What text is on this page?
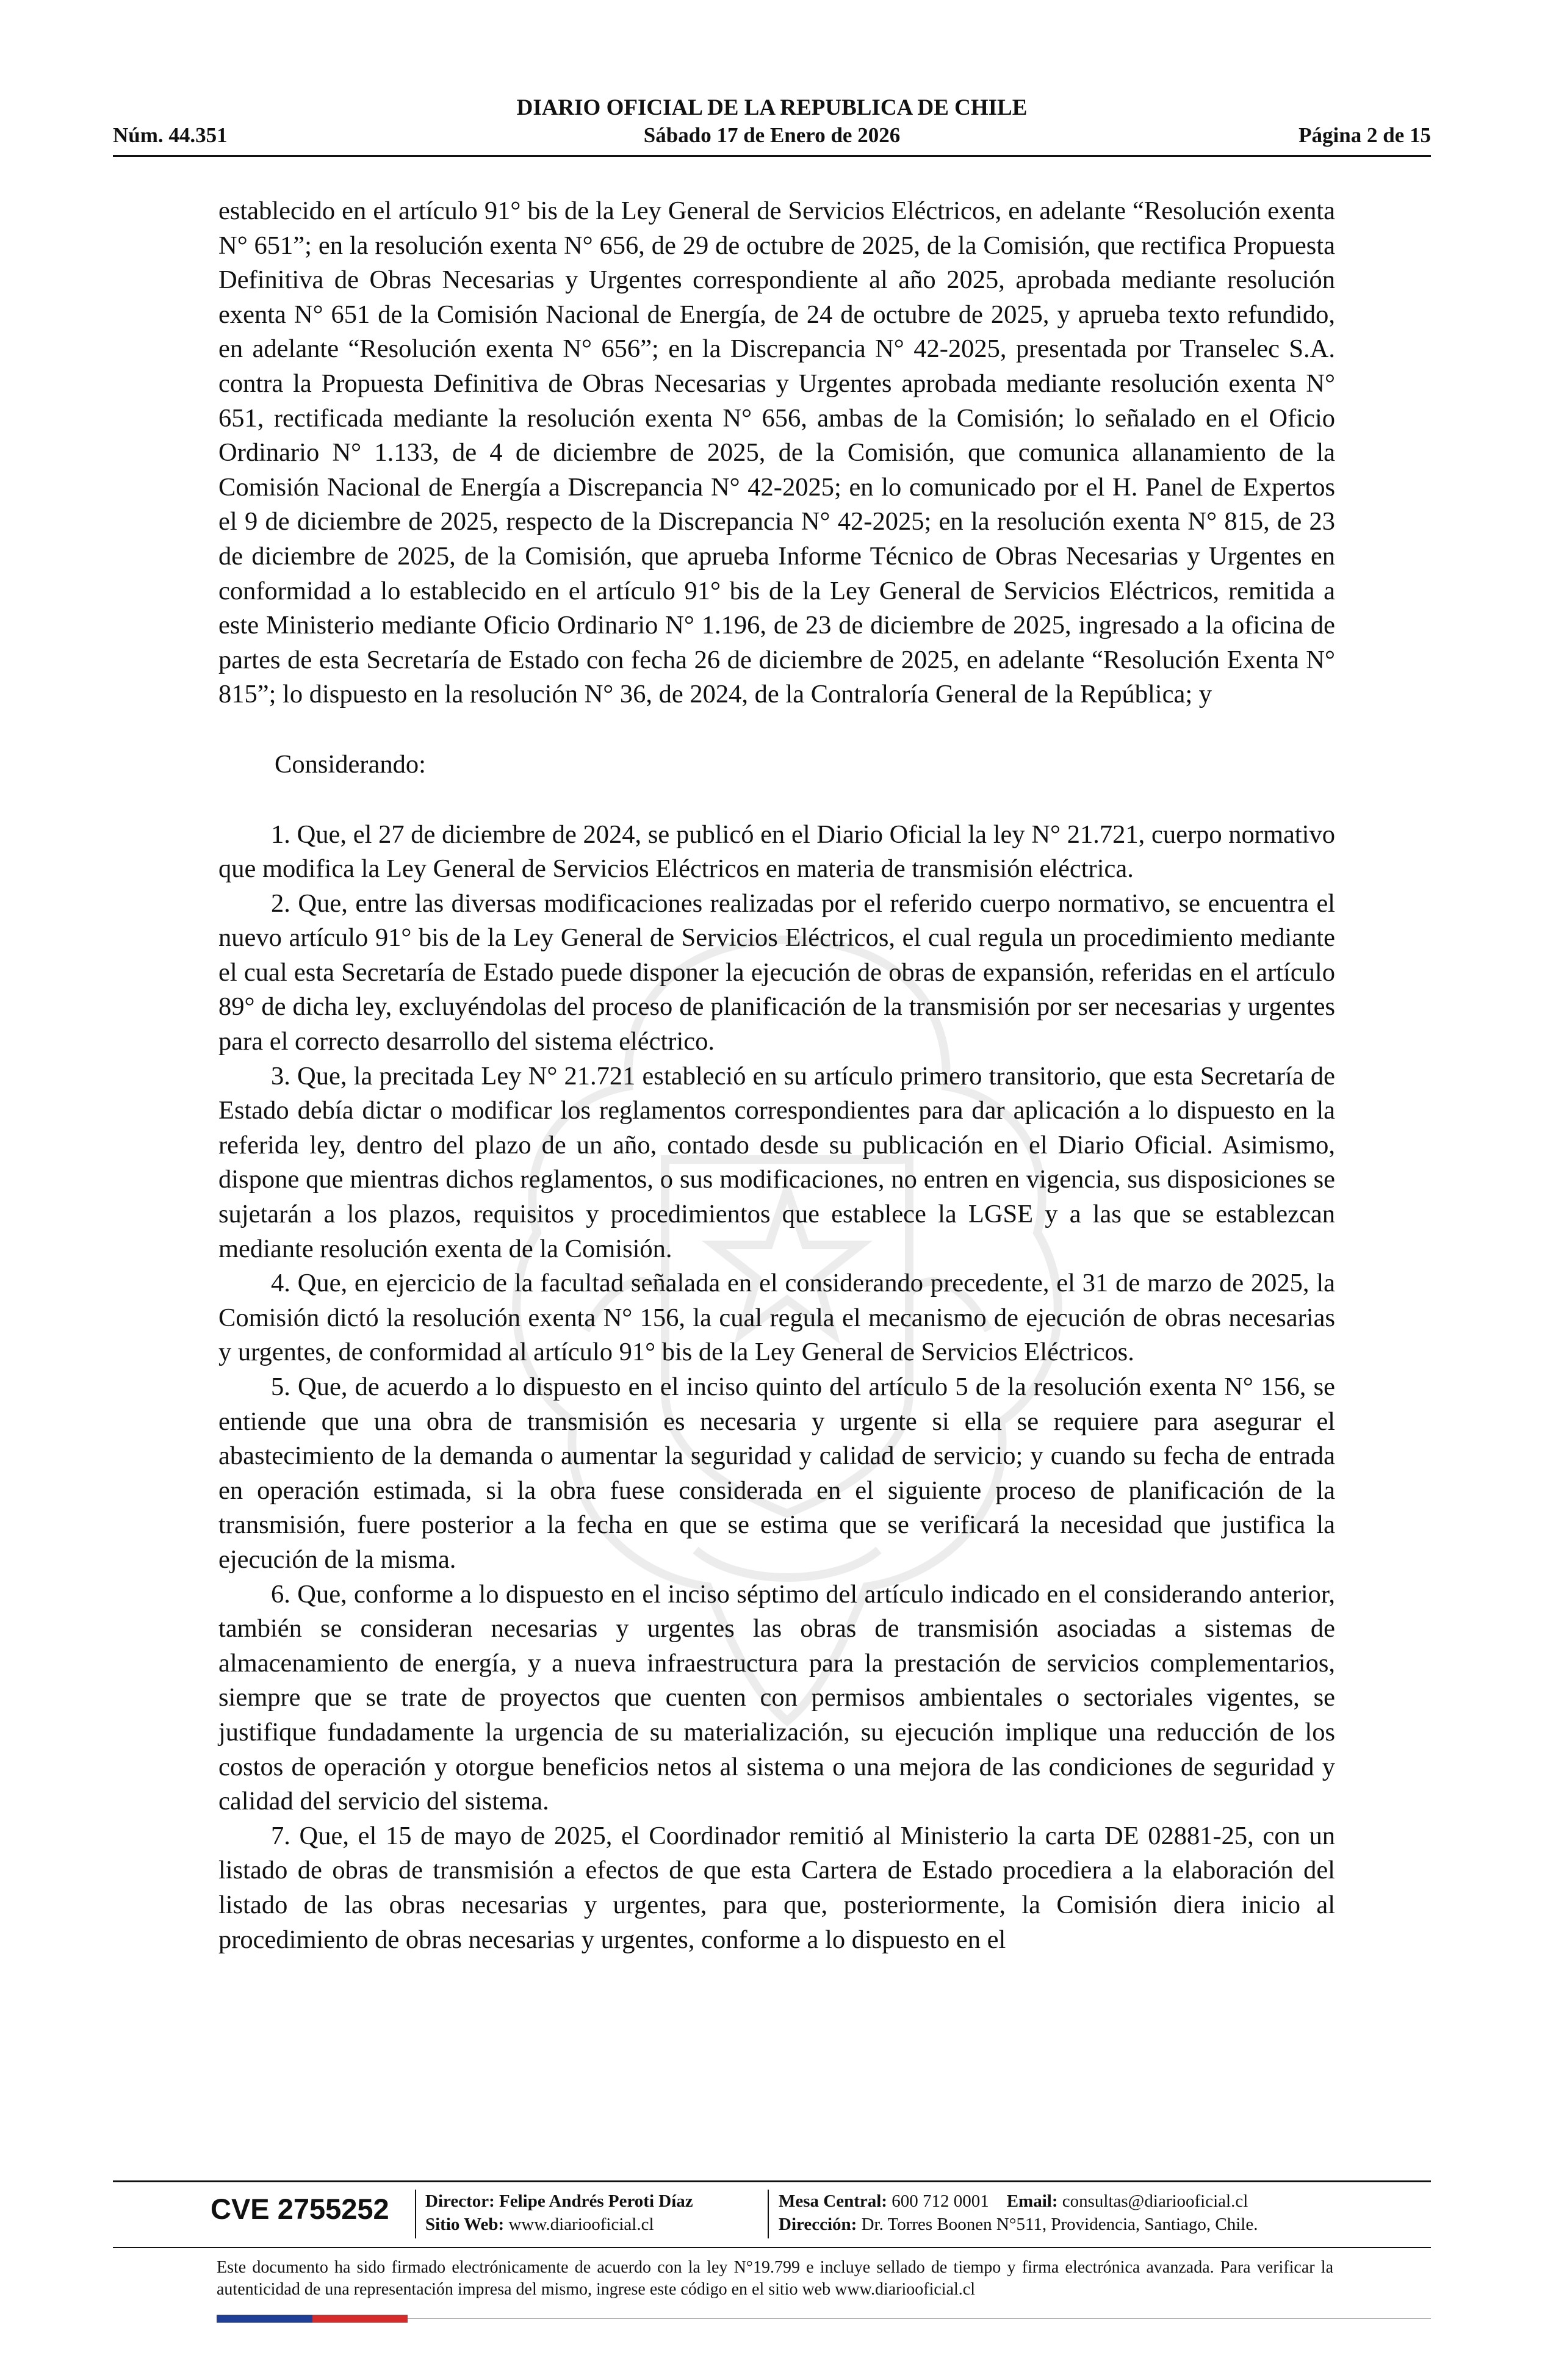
DIARIO OFICIAL DE LA REPUBLICA DE CHILE
Núm. 44.351	Sábado 17 de Enero de 2026	Página 2 de 15

establecido en el artículo 91° bis de la Ley General de Servicios Eléctricos, en adelante “Resolución exenta N° 651”; en la resolución exenta N° 656, de 29 de octubre de 2025, de la Comisión, que rectifica Propuesta Definitiva de Obras Necesarias y Urgentes correspondiente al año 2025, aprobada mediante resolución exenta N° 651 de la Comisión Nacional de Energía, de 24 de octubre de 2025, y aprueba texto refundido, en adelante “Resolución exenta N° 656”; en la Discrepancia N° 42-2025, presentada por Transelec S.A. contra la Propuesta Definitiva de Obras Necesarias y Urgentes aprobada mediante resolución exenta N° 651, rectificada mediante la resolución exenta N° 656, ambas de la Comisión; lo señalado en el Oficio Ordinario N° 1.133, de 4 de diciembre de 2025, de la Comisión, que comunica allanamiento de la Comisión Nacional de Energía a Discrepancia N° 42-2025; en lo comunicado por el H. Panel de Expertos el 9 de diciembre de 2025, respecto de la Discrepancia N° 42-2025; en la resolución exenta N° 815, de 23 de diciembre de 2025, de la Comisión, que aprueba Informe Técnico de Obras Necesarias y Urgentes en conformidad a lo establecido en el artículo 91° bis de la Ley General de Servicios Eléctricos, remitida a este Ministerio mediante Oficio Ordinario N° 1.196, de 23 de diciembre de 2025, ingresado a la oficina de partes de esta Secretaría de Estado con fecha 26 de diciembre de 2025, en adelante “Resolución Exenta N° 815”; lo dispuesto en la resolución N° 36, de 2024, de la Contraloría General de la República; y

Considerando:

1. Que, el 27 de diciembre de 2024, se publicó en el Diario Oficial la ley N° 21.721, cuerpo normativo que modifica la Ley General de Servicios Eléctricos en materia de transmisión eléctrica.

2. Que, entre las diversas modificaciones realizadas por el referido cuerpo normativo, se encuentra el nuevo artículo 91° bis de la Ley General de Servicios Eléctricos, el cual regula un procedimiento mediante el cual esta Secretaría de Estado puede disponer la ejecución de obras de expansión, referidas en el artículo 89° de dicha ley, excluyéndolas del proceso de planificación de la transmisión por ser necesarias y urgentes para el correcto desarrollo del sistema eléctrico.

3. Que, la precitada Ley N° 21.721 estableció en su artículo primero transitorio, que esta Secretaría de Estado debía dictar o modificar los reglamentos correspondientes para dar aplicación a lo dispuesto en la referida ley, dentro del plazo de un año, contado desde su publicación en el Diario Oficial. Asimismo, dispone que mientras dichos reglamentos, o sus modificaciones, no entren en vigencia, sus disposiciones se sujetarán a los plazos, requisitos y procedimientos que establece la LGSE y a las que se establezcan mediante resolución exenta de la Comisión.

4. Que, en ejercicio de la facultad señalada en el considerando precedente, el 31 de marzo de 2025, la Comisión dictó la resolución exenta N° 156, la cual regula el mecanismo de ejecución de obras necesarias y urgentes, de conformidad al artículo 91° bis de la Ley General de Servicios Eléctricos.

5. Que, de acuerdo a lo dispuesto en el inciso quinto del artículo 5 de la resolución exenta N° 156, se entiende que una obra de transmisión es necesaria y urgente si ella se requiere para asegurar el abastecimiento de la demanda o aumentar la seguridad y calidad de servicio; y cuando su fecha de entrada en operación estimada, si la obra fuese considerada en el siguiente proceso de planificación de la transmisión, fuere posterior a la fecha en que se estima que se verificará la necesidad que justifica la ejecución de la misma.

6. Que, conforme a lo dispuesto en el inciso séptimo del artículo indicado en el considerando anterior, también se consideran necesarias y urgentes las obras de transmisión asociadas a sistemas de almacenamiento de energía, y a nueva infraestructura para la prestación de servicios complementarios, siempre que se trate de proyectos que cuenten con permisos ambientales o sectoriales vigentes, se justifique fundadamente la urgencia de su materialización, su ejecución implique una reducción de los costos de operación y otorgue beneficios netos al sistema o una mejora de las condiciones de seguridad y calidad del servicio del sistema.

7. Que, el 15 de mayo de 2025, el Coordinador remitió al Ministerio la carta DE 02881-25, con un listado de obras de transmisión a efectos de que esta Cartera de Estado procediera a la elaboración del listado de las obras necesarias y urgentes, para que, posteriormente, la Comisión diera inicio al procedimiento de obras necesarias y urgentes, conforme a lo dispuesto en el

CVE 2755252 Director: Felipe Andrés Peroti Díaz
Sitio Web: www.diariooficial.cl
Mesa Central: 600 712 0001 Email: consultas@diariooficial.cl
Dirección: Dr. Torres Boonen N°511, Providencia, Santiago, Chile.
Este documento ha sido firmado electrónicamente de acuerdo con la ley N°19.799 e incluye sellado de tiempo y firma electrónica avanzada. Para verificar la autenticidad de una representación impresa del mismo, ingrese este código en el sitio web www.diariooficial.cl
